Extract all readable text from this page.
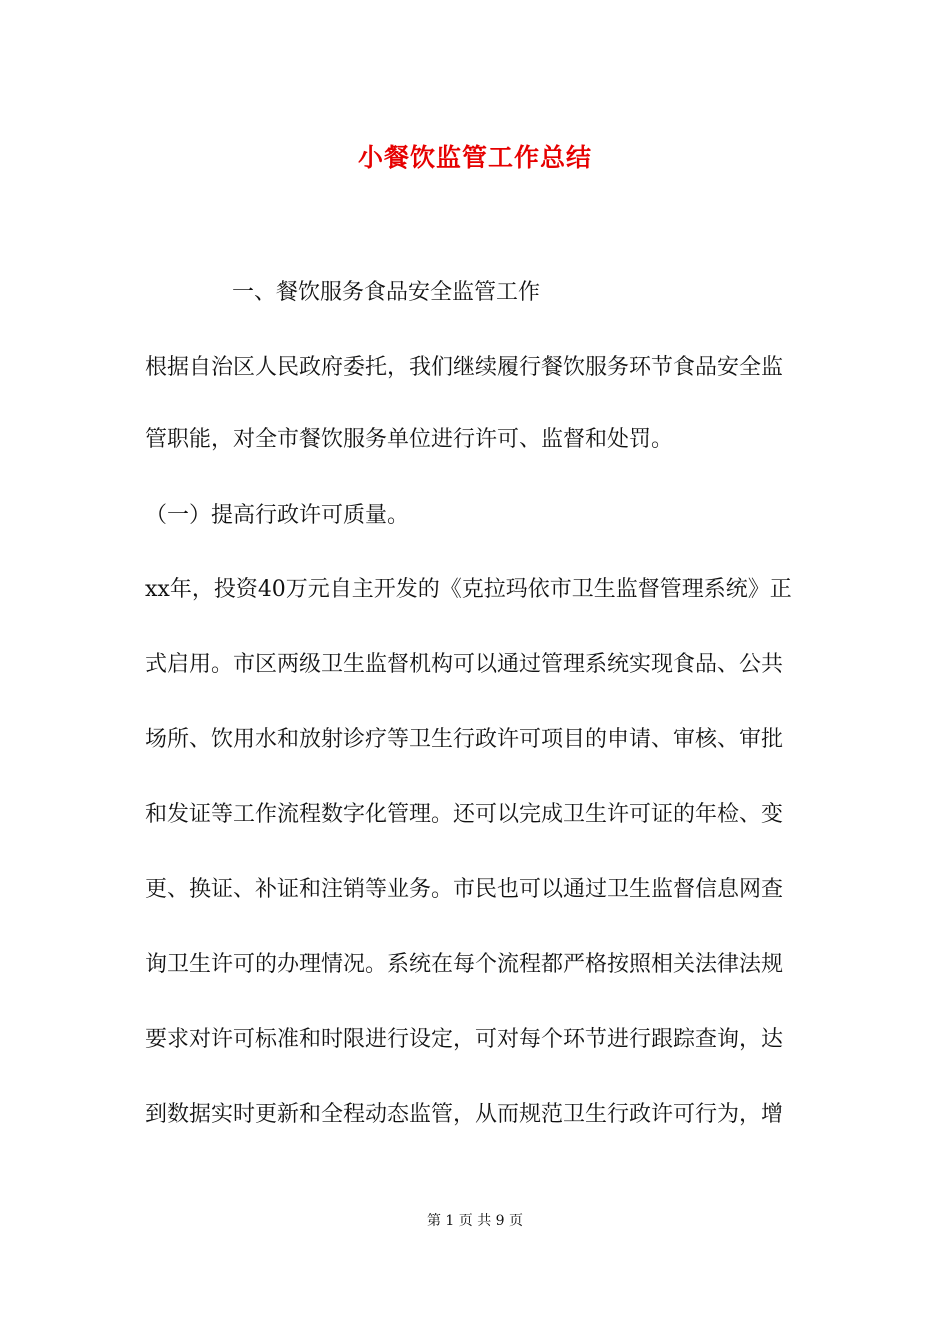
小餐饮监管工作总结
一、餐饮服务食品安全监管工作
根据自治区人民政府委托，我们继续履行餐饮服务环节食品安全监
管职能，对全市餐饮服务单位进行许可、监督和处罚。
（一）提高行政许可质量。
xx年，投资40万元自主开发的《克拉玛依市卫生监督管理系统》正
式启用。市区两级卫生监督机构可以通过管理系统实现食品、公共
场所、饮用水和放射诊疗等卫生行政许可项目的申请、审核、审批
和发证等工作流程数字化管理。还可以完成卫生许可证的年检、变
更、换证、补证和注销等业务。市民也可以通过卫生监督信息网查
询卫生许可的办理情况。系统在每个流程都严格按照相关法律法规
要求对许可标准和时限进行设定，可对每个环节进行跟踪查询，达
到数据实时更新和全程动态监管，从而规范卫生行政许可行为，增
第 1 页 共 9 页
